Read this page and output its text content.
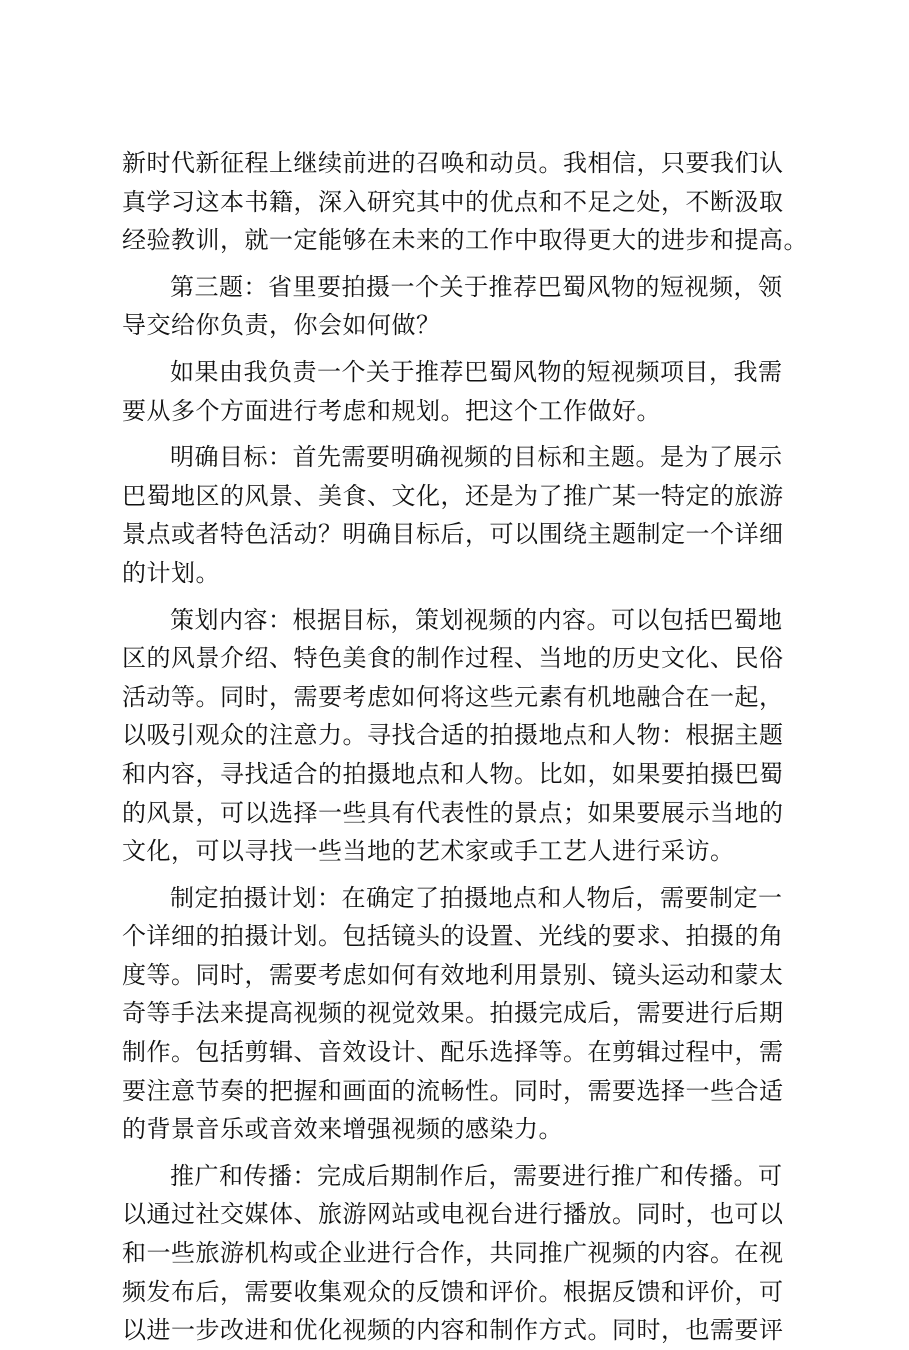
新时代新征程上继续前进的召唤和动员。我相信，只要我们认
真学习这本书籍，深入研究其中的优点和不足之处，不断汲取
经验教训，就一定能够在未来的工作中取得更大的进步和提高。
第三题：省里要拍摄一个关于推荐巴蜀风物的短视频，领
导交给你负责，你会如何做？
如果由我负责一个关于推荐巴蜀风物的短视频项目，我需
要从多个方面进行考虑和规划。把这个工作做好。
明确目标：首先需要明确视频的目标和主题。是为了展示
巴蜀地区的风景、美食、文化，还是为了推广某一特定的旅游
景点或者特色活动？明确目标后，可以围绕主题制定一个详细
的计划。
策划内容：根据目标，策划视频的内容。可以包括巴蜀地
区的风景介绍、特色美食的制作过程、当地的历史文化、民俗
活动等。同时，需要考虑如何将这些元素有机地融合在一起，
以吸引观众的注意力。寻找合适的拍摄地点和人物：根据主题
和内容，寻找适合的拍摄地点和人物。比如，如果要拍摄巴蜀
的风景，可以选择一些具有代表性的景点；如果要展示当地的
文化，可以寻找一些当地的艺术家或手工艺人进行采访。
制定拍摄计划：在确定了拍摄地点和人物后，需要制定一
个详细的拍摄计划。包括镜头的设置、光线的要求、拍摄的角
度等。同时，需要考虑如何有效地利用景别、镜头运动和蒙太
奇等手法来提高视频的视觉效果。拍摄完成后，需要进行后期
制作。包括剪辑、音效设计、配乐选择等。在剪辑过程中，需
要注意节奏的把握和画面的流畅性。同时，需要选择一些合适
的背景音乐或音效来增强视频的感染力。
推广和传播：完成后期制作后，需要进行推广和传播。可
以通过社交媒体、旅游网站或电视台进行播放。同时，也可以
和一些旅游机构或企业进行合作，共同推广视频的内容。在视
频发布后，需要收集观众的反馈和评价。根据反馈和评价，可
以进一步改进和优化视频的内容和制作方式。同时，也需要评
